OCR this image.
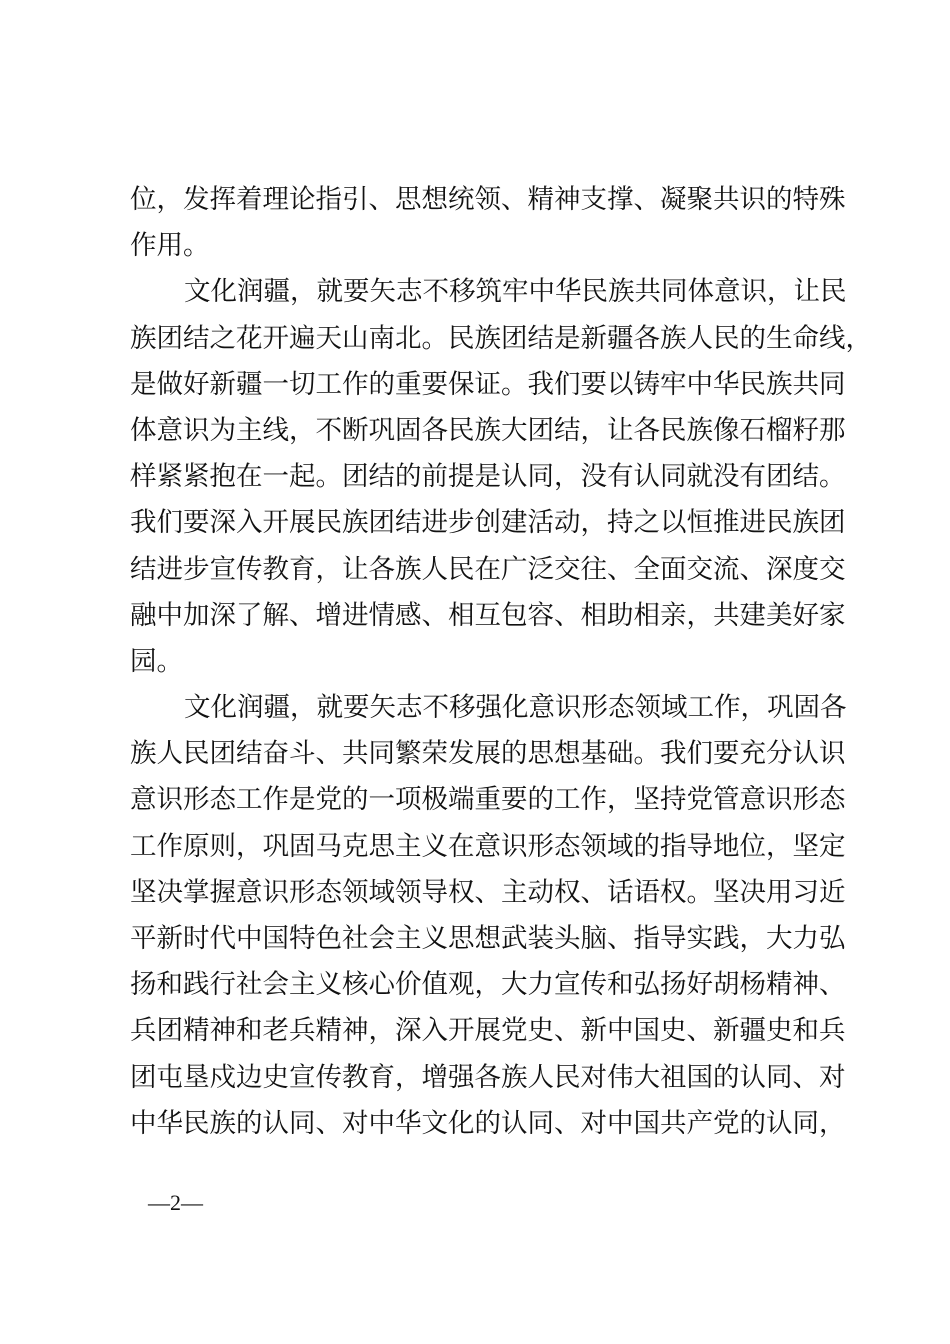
位，发挥着理论指引、思想统领、精神支撑、凝聚共识的特殊
作用。
文化润疆，就要矢志不移筑牢中华民族共同体意识，让民
族团结之花开遍天山南北。民族团结是新疆各族人民的生命线，
是做好新疆一切工作的重要保证。我们要以铸牢中华民族共同
体意识为主线，不断巩固各民族大团结，让各民族像石榴籽那
样紧紧抱在一起。团结的前提是认同，没有认同就没有团结。
我们要深入开展民族团结进步创建活动，持之以恒推进民族团
结进步宣传教育，让各族人民在广泛交往、全面交流、深度交
融中加深了解、增进情感、相互包容、相助相亲，共建美好家
园。
文化润疆，就要矢志不移强化意识形态领域工作，巩固各
族人民团结奋斗、共同繁荣发展的思想基础。我们要充分认识
意识形态工作是党的一项极端重要的工作，坚持党管意识形态
工作原则，巩固马克思主义在意识形态领域的指导地位，坚定
坚决掌握意识形态领域领导权、主动权、话语权。坚决用习近
平新时代中国特色社会主义思想武装头脑、指导实践，大力弘
扬和践行社会主义核心价值观，大力宣传和弘扬好胡杨精神、
兵团精神和老兵精神，深入开展党史、新中国史、新疆史和兵
团屯垦戍边史宣传教育，增强各族人民对伟大祖国的认同、对
中华民族的认同、对中华文化的认同、对中国共产党的认同，
—2—
